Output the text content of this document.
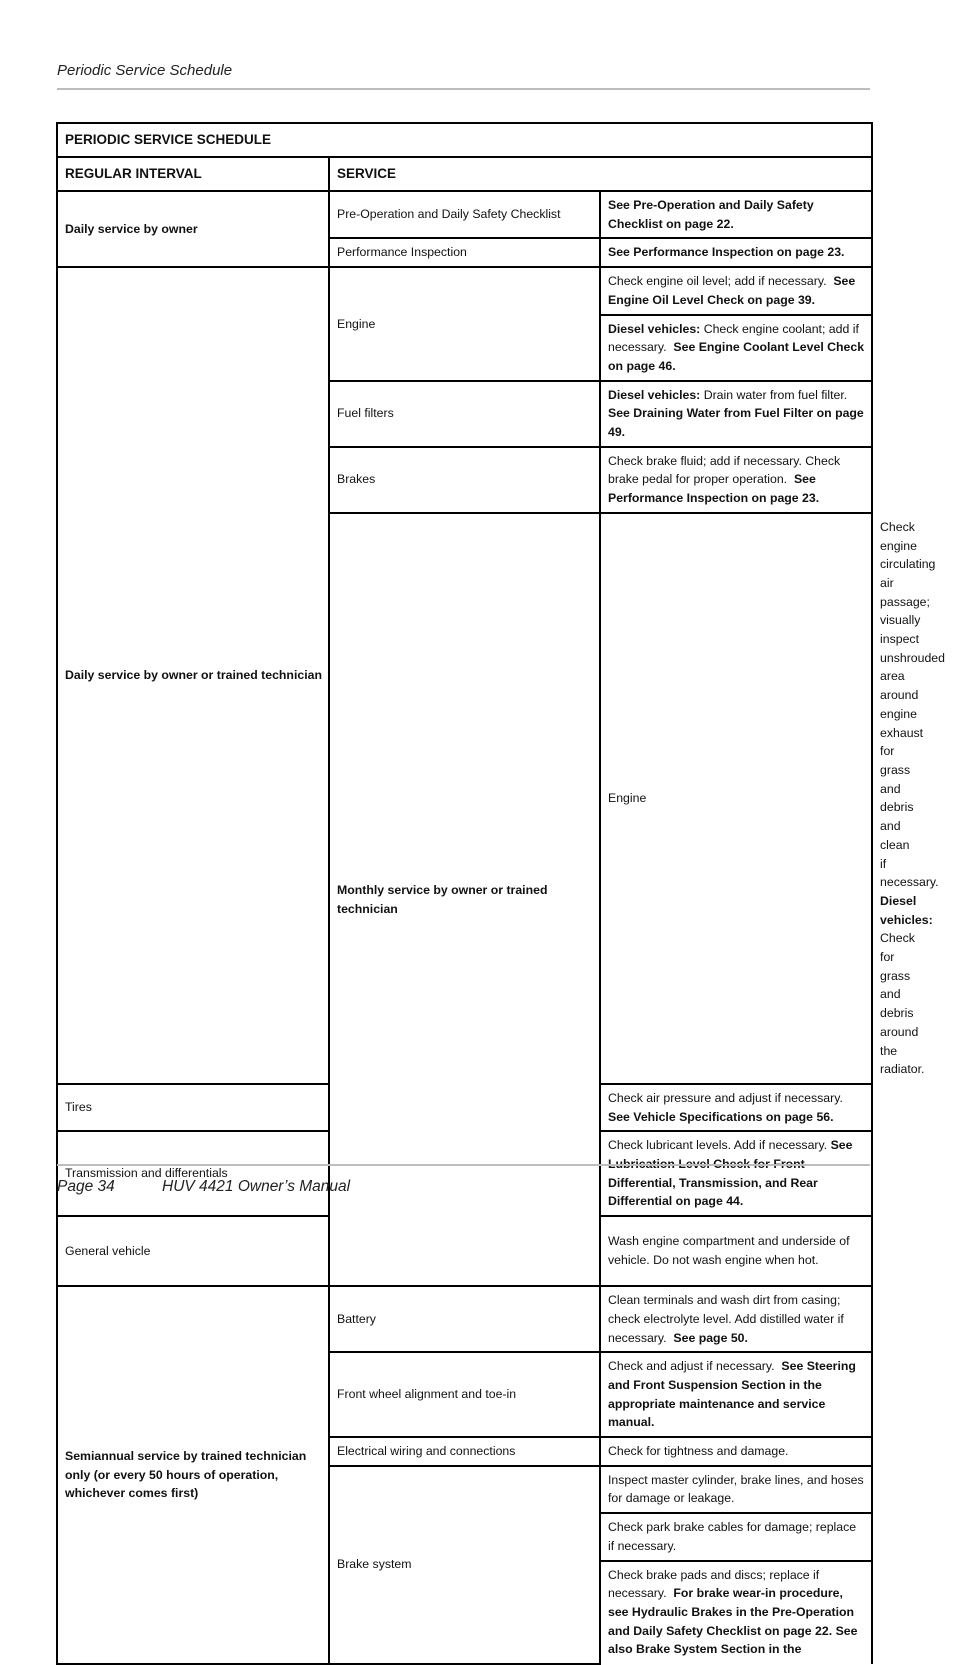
Periodic Service Schedule
PERIODIC SERVICE SCHEDULE			
REGULAR INTERVAL	SERVICE		
Daily service by owner	Pre-Operation and Daily Safety Checklist	See Pre-Operation and Daily Safety Checklist on page 22.	
	Performance Inspection	See Performance Inspection on page 23.	
Daily service by owner or trained technician	Engine	Check engine oil level; add if necessary. See Engine Oil Level Check on page 39.	
		Diesel vehicles: Check engine coolant; add if necessary. See Engine Coolant Level Check on page 46.	
	Fuel filters	Diesel vehicles: Drain water from fuel filter. See Draining Water from Fuel Filter on page 49.	
	Brakes	Check brake fluid; add if necessary. Check brake pedal for proper operation. See Performance Inspection on page 23.	
	Monthly service by owner or trained technician	Engine	Check engine circulating air passage; visually inspect unshrouded area around engine exhaust for grass and debris and clean if necessary.  Diesel vehicles: Check for grass and debris around the radiator.
Tires		Check air pressure and adjust if necessary. See Vehicle Specifications on page 56.	
Transmission and differentials		Check lubricant levels. Add if necessary. See Lubrication Level Check for Front Differential, Transmission, and Rear Differential on page 44.	
General vehicle		Wash engine compartment and underside of vehicle. Do not wash engine when hot.	
Semiannual service by trained technician only (or every 50 hours of operation, whichever comes first)	Battery	Clean terminals and wash dirt from casing; check electrolyte level. Add distilled water if necessary. See page 50.	
	Front wheel alignment and toe-in	Check and adjust if necessary. See Steering and Front Suspension Section in the appropriate maintenance and service manual.	
	Electrical wiring and connections	Check for tightness and damage.	
	Brake system	Inspect master cylinder, brake lines, and hoses for damage or leakage.	
		Check park brake cables for damage; replace if necessary.	
		Check brake pads and discs; replace if necessary. For brake wear-in procedure, see Hydraulic Brakes in the Pre-Operation and Daily Safety Checklist on page 22. See also Brake System Section in the	
Page 34	HUV 4421 Owner’s Manual
